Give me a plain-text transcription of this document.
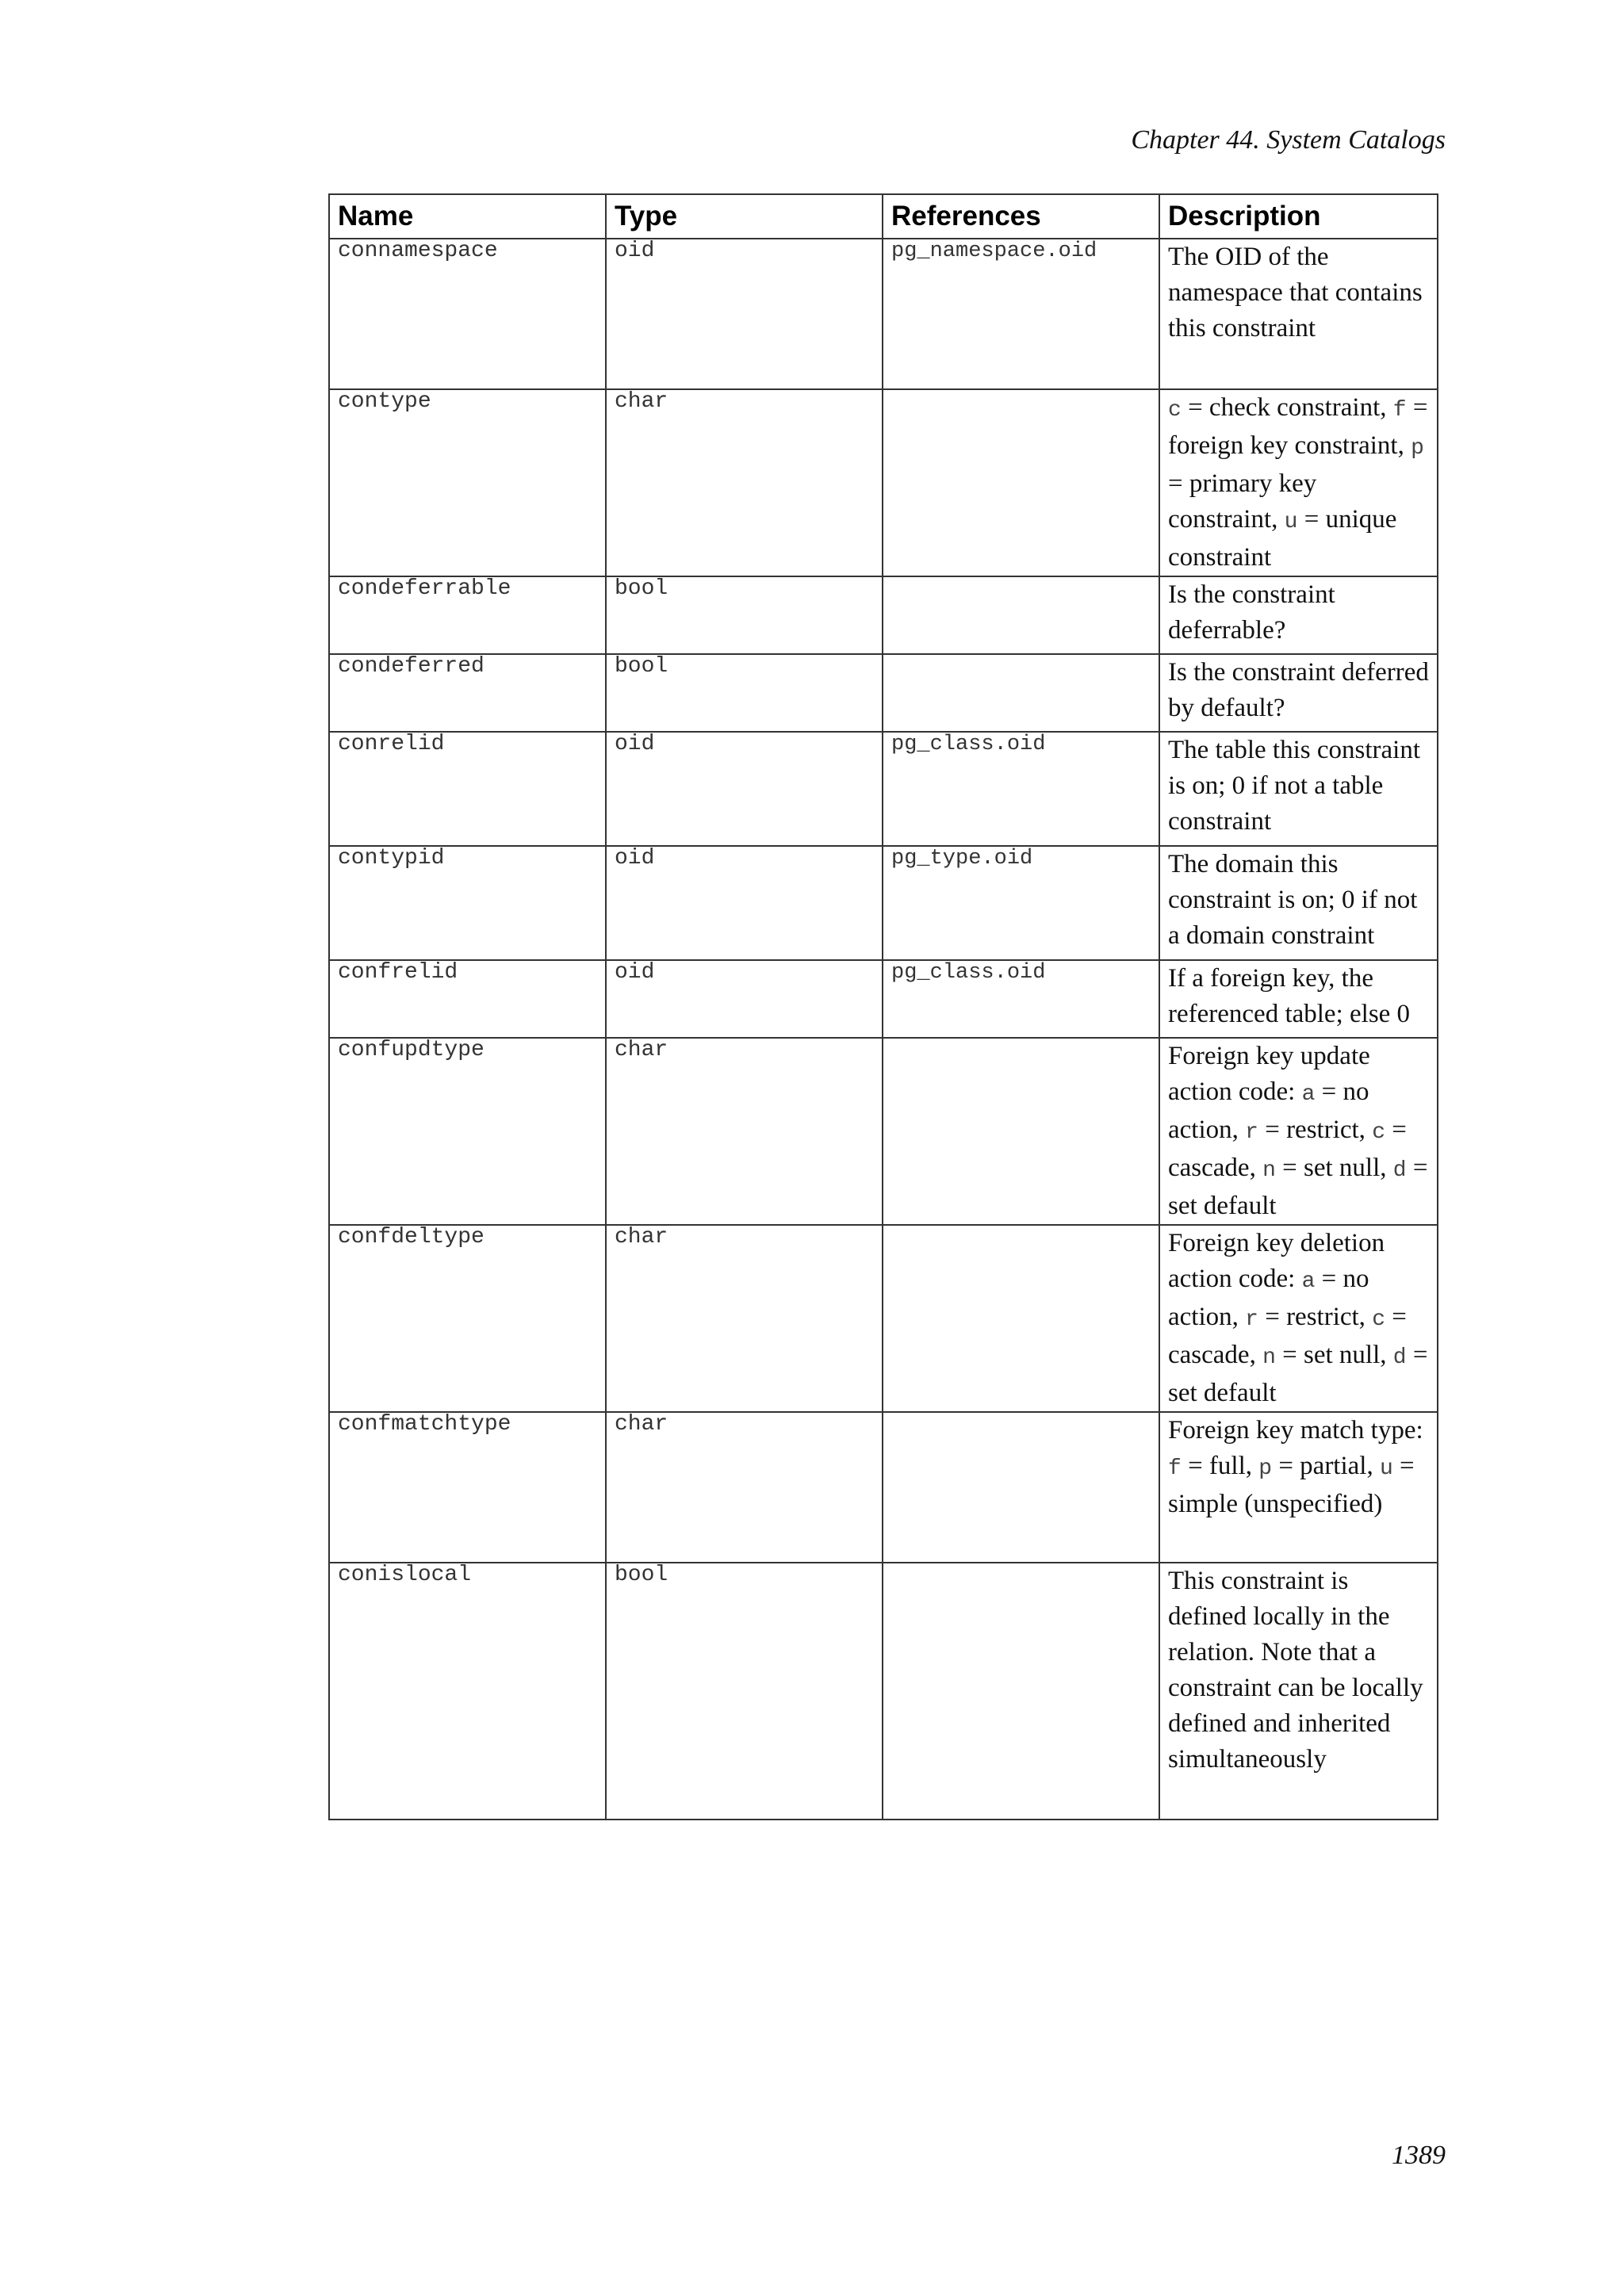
Chapter 44. System Catalogs
Name	Type	References	Description
connamespace	oid	pg_namespace.oid	The OID of the namespace that contains this constraint
contype	char		c = check constraint, f = foreign key constraint, p = primary key constraint, u = unique constraint
condeferrable	bool		Is the constraint deferrable?
condeferred	bool		Is the constraint deferred by default?
conrelid	oid	pg_class.oid	The table this constraint is on; 0 if not a table constraint
contypid	oid	pg_type.oid	The domain this constraint is on; 0 if not a domain constraint
confrelid	oid	pg_class.oid	If a foreign key, the referenced table; else 0
confupdtype	char		Foreign key update action code: a = no action, r = restrict, c = cascade, n = set null, d = set default
confdeltype	char		Foreign key deletion action code: a = no action, r = restrict, c = cascade, n = set null, d = set default
confmatchtype	char		Foreign key match type: f = full, p = partial, u = simple (unspecified)
conislocal	bool		This constraint is defined locally in the relation. Note that a constraint can be locally defined and inherited simultaneously
1389
